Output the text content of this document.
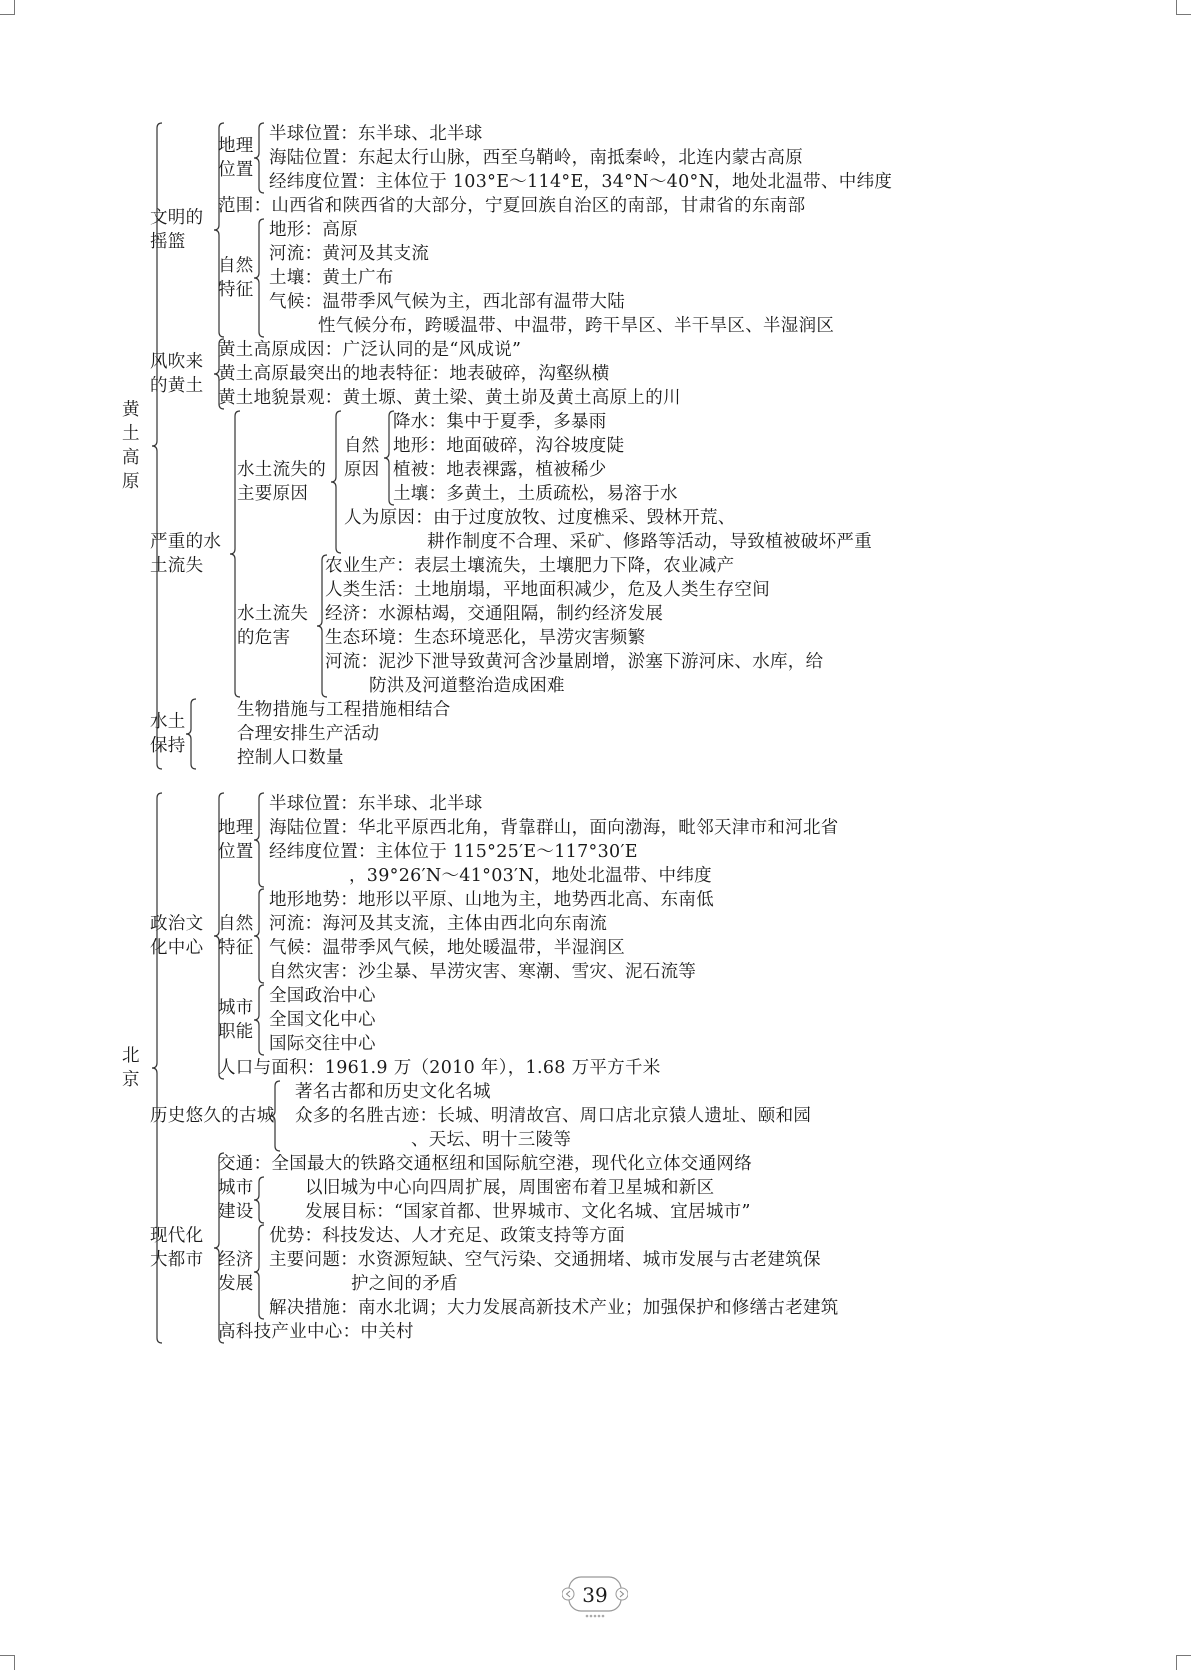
文明的摇篮
地理位置
半球位置：东半球、北半球
海陆位置：东起太行山脉，西至乌鞘岭，南抵秦岭，北连内蒙古高原
经纬度位置：主体位于 103°E～114°E，34°N～40°N，地处北温带、中纬度
范围：山西省和陕西省的大部分，宁夏回族自治区的南部，甘肃省的东南部
自然特征
地形：高原
河流：黄河及其支流
土壤：黄土广布
气候：温带季风气候为主，西北部有温带大陆
性气候分布，跨暖温带、中温带，跨干旱区、半干旱区、半湿润区
风吹来的黄土
黄土高原成因：广泛认同的是“风成说”
黄土高原最突出的地表特征：地表破碎，沟壑纵横
黄土地貌景观：黄土塬、黄土梁、黄土峁及黄土高原上的川
严重的水土流失
水土流失的主要原因
自然原因
降水：集中于夏季，多暴雨
地形：地面破碎，沟谷坡度陡
植被：地表裸露，植被稀少
土壤：多黄土，土质疏松，易溶于水
人为原因：由于过度放牧、过度樵采、毁林开荒、
耕作制度不合理、采矿、修路等活动，导致植被破坏严重
水土流失的危害
农业生产：表层土壤流失，土壤肥力下降，农业减产
人类生活：土地崩塌，平地面积减少，危及人类生存空间
经济：水源枯竭，交通阻隔，制约经济发展
生态环境：生态环境恶化，旱涝灾害频繁
河流：泥沙下泄导致黄河含沙量剧增，淤塞下游河床、水库，给
防洪及河道整治造成困难
水土保持
生物措施与工程措施相结合
合理安排生产活动
控制人口数量
黄
土
高
原
政治文化中心
地理位置
半球位置：东半球、北半球
海陆位置：华北平原西北角，背靠群山，面向渤海，毗邻天津市和河北省
经纬度位置：主体位于 115°25′E～117°30′E
，39°26′N～41°03′N，地处北温带、中纬度
自然特征
地形地势：地形以平原、山地为主，地势西北高、东南低
河流：海河及其支流，主体由西北向东南流
气候：温带季风气候，地处暖温带，半湿润区
自然灾害：沙尘暴、旱涝灾害、寒潮、雪灾、泥石流等
城市职能
全国政治中心
全国文化中心
国际交往中心
人口与面积：1961.9 万（2010 年），1.68 万平方千米
历史悠久的古城
著名古都和历史文化名城
众多的名胜古迹：长城、明清故宫、周口店北京猿人遗址、颐和园
、天坛、明十三陵等
现代化大都市
交通：全国最大的铁路交通枢纽和国际航空港，现代化立体交通网络
城市建设
以旧城为中心向四周扩展，周围密布着卫星城和新区
发展目标：“国家首都、世界城市、文化名城、宜居城市”
经济发展
优势：科技发达、人才充足、政策支持等方面
主要问题：水资源短缺、空气污染、交通拥堵、城市发展与古老建筑保
护之间的矛盾
解决措施：南水北调；大力发展高新技术产业；加强保护和修缮古老建筑
高科技产业中心：中关村
北
京
39
